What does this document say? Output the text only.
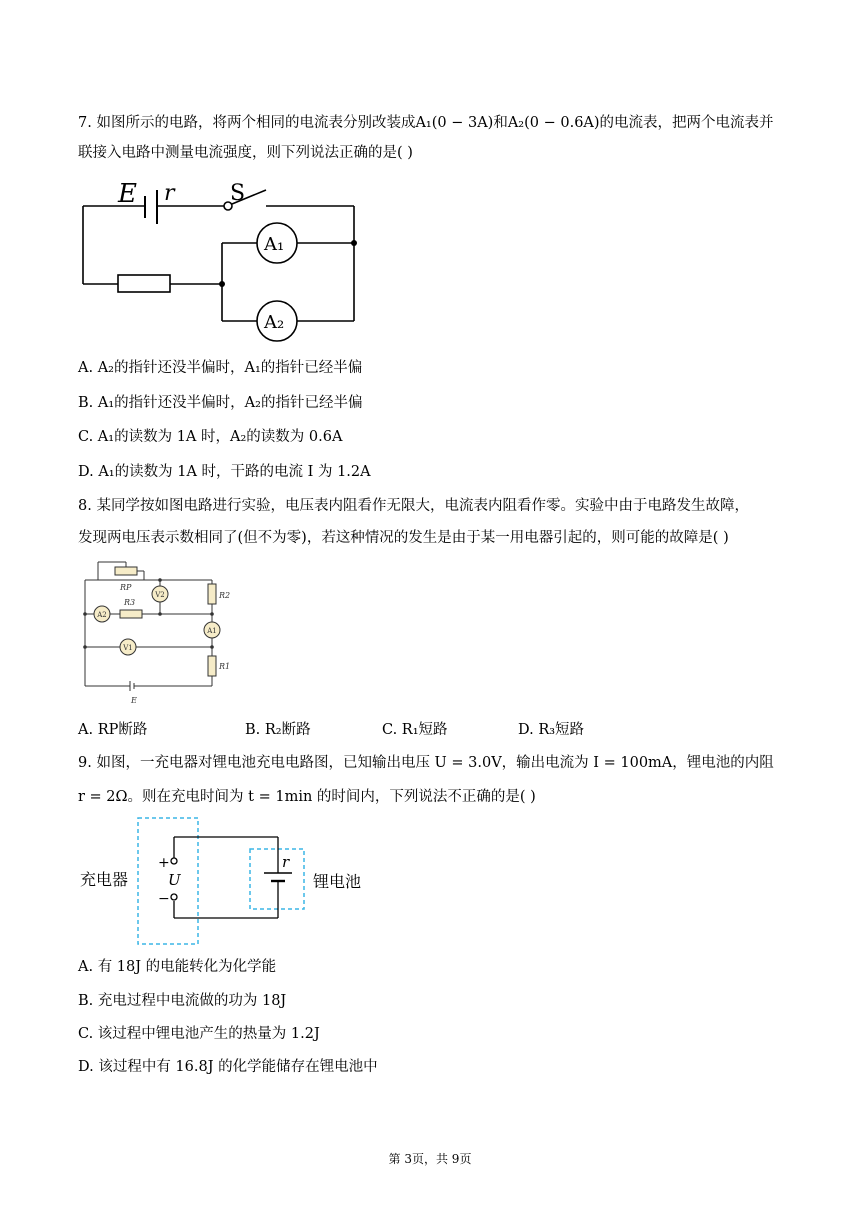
7. 如图所示的电路，将两个相同的电流表分别改装成A₁(0 − 3A)和A₂(0 − 0.6A)的电流表，把两个电流表并
联接入电路中测量电流强度，则下列说法正确的是( )
E r	S
A₁
A₂
A. A₂的指针还没半偏时，A₁的指针已经半偏
B. A₁的指针还没半偏时，A₂的指针已经半偏
C. A₁的读数为 1A 时，A₂的读数为 0.6A
D. A₁的读数为 1A 时，干路的电流 I 为 1.2A
8. 某同学按如图电路进行实验，电压表内阻看作无限大，电流表内阻看作零。实验中由于电路发生故障，
发现两电压表示数相同了(但不为零)，若这种情况的发生是由于某一用电器引起的，则可能的故障是( )
RP
R3
R2
R1
E
V2
A2
A1
V1
A. RP断路	B. R₂断路	C. R₁短路	D. R₃短路
9. 如图，一充电器对锂电池充电电路图，已知输出电压 U = 3.0V，输出电流为 I = 100mA，锂电池的内阻
r = 2Ω。则在充电时间为 t = 1min 的时间内，下列说法不正确的是( )
充电器	锂电池
U
r
+
−
A. 有 18J 的电能转化为化学能
B. 充电过程中电流做的功为 18J
C. 该过程中锂电池产生的热量为 1.2J
D. 该过程中有 16.8J 的化学能储存在锂电池中
第 3页，共 9页
